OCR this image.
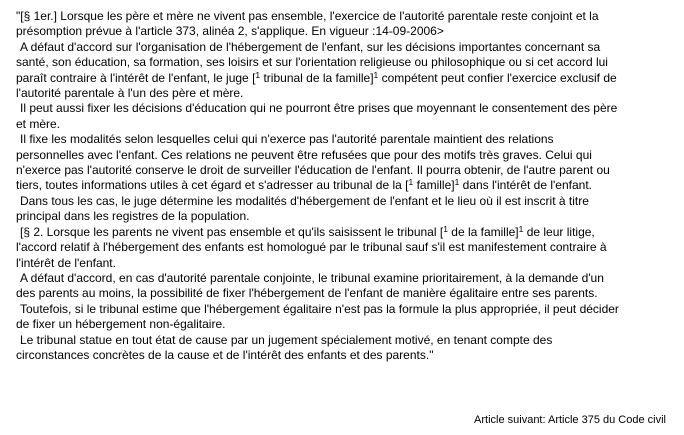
"[§ 1er.] Lorsque les père et mère ne vivent pas ensemble, l'exercice de l'autorité parentale reste conjoint et la
présomption prévue à l'article 373, alinéa 2, s'applique. En vigueur :14-09-2006>
A défaut d'accord sur l'organisation de l'hébergement de l'enfant, sur les décisions importantes concernant sa
santé, son éducation, sa formation, ses loisirs et sur l'orientation religieuse ou philosophique ou si cet accord lui
paraît contraire à l'intérêt de l'enfant, le juge [$^1$ tribunal de la famille]$^1$ compétent peut confier l'exercice exclusif de
l'autorité parentale à l'un des père et mère.
Il peut aussi fixer les décisions d'éducation qui ne pourront être prises que moyennant le consentement des père
et mère.
Il fixe les modalités selon lesquelles celui qui n'exerce pas l'autorité parentale maintient des relations
personnelles avec l'enfant. Ces relations ne peuvent être refusées que pour des motifs très graves. Celui qui
n'exerce pas l'autorité conserve le droit de surveiller l'éducation de l'enfant. Il pourra obtenir, de l'autre parent ou
tiers, toutes informations utiles à cet égard et s'adresser au tribunal de la [$^1$ famille]$^1$ dans l'intérêt de l'enfant.
Dans tous les cas, le juge détermine les modalités d'hébergement de l'enfant et le lieu où il est inscrit à titre
principal dans les registres de la population.
[§ 2. Lorsque les parents ne vivent pas ensemble et qu'ils saisissent le tribunal [$^1$ de la famille]$^1$ de leur litige,
l'accord relatif à l'hébergement des enfants est homologué par le tribunal sauf s'il est manifestement contraire à
l'intérêt de l'enfant.
A défaut d'accord, en cas d'autorité parentale conjointe, le tribunal examine prioritairement, à la demande d'un
des parents au moins, la possibilité de fixer l'hébergement de l'enfant de manière égalitaire entre ses parents.
Toutefois, si le tribunal estime que l'hébergement égalitaire n'est pas la formule la plus appropriée, il peut décider
de fixer un hébergement non-égalitaire.
Le tribunal statue en tout état de cause par un jugement spécialement motivé, en tenant compte des
circonstances concrètes de la cause et de l'intérêt des enfants et des parents."
Article suivant: Article 375 du Code civil
